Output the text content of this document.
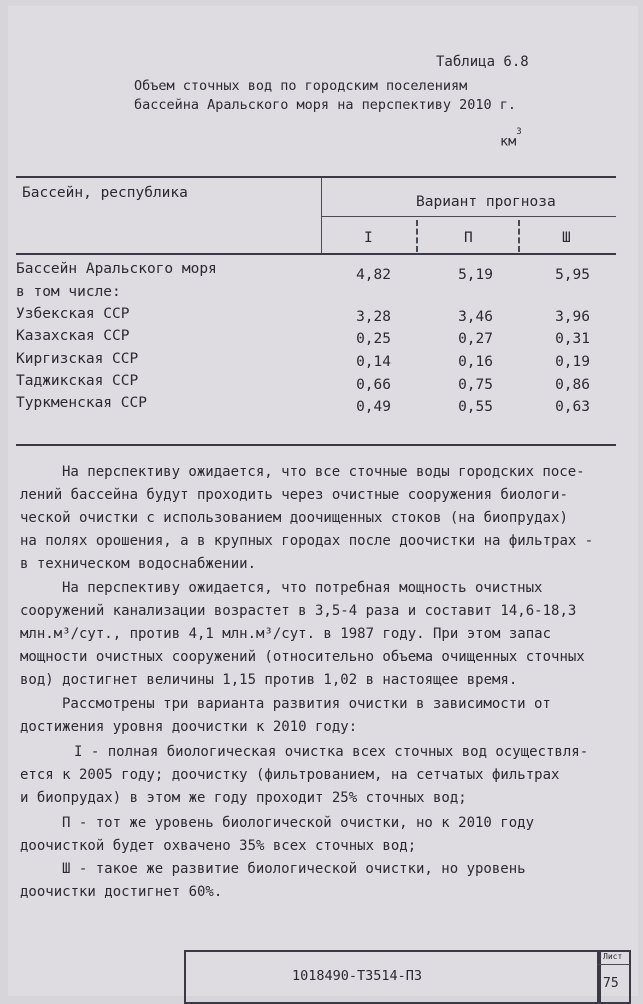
Таблица 6.8
Объем сточных вод по городским поселениям
бассейна Аральского моря на перспективу 2010 г.
$км^3$
Бассейн, республика
Вариант прогноза
I	П	Ш
Бассейн Аральского моря	4,82	5,19	5,95
в том числе:
Узбекская ССР	3,28	3,46	3,96
Казахская ССР	0,25	0,27	0,31
Киргизская ССР	0,14	0,16	0,19
Таджикская ССР	0,66	0,75	0,86
Туркменская ССР	0,49	0,55	0,63
На перспективу ожидается, что все сточные воды городских посе-
лений бассейна будут проходить через очистные сооружения биологи-
ческой очистки с использованием доочищенных стоков (на биопрудах)
на полях орошения, а в крупных городах после доочистки на фильтрах -
в техническом водоснабжении.
На перспективу ожидается, что потребная мощность очистных
сооружений канализации возрастет в 3,5-4 раза и составит 14,6-18,3
млн.м³/сут., против 4,1 млн.м³/сут. в 1987 году. При этом запас
мощности очистных сооружений (относительно объема очищенных сточных
вод) достигнет величины 1,15 против 1,02 в настоящее время.
Рассмотрены три варианта развития очистки в зависимости от
достижения уровня доочистки к 2010 году:
I - полная биологическая очистка всех сточных вод осуществля-
ется к 2005 году; доочистку (фильтрованием, на сетчатых фильтрах
и биопрудах) в этом же году проходит 25% сточных вод;
П - тот же уровень биологической очистки, но к 2010 году
доочисткой будет охвачено 35% всех сточных вод;
Ш - такое же развитие биологической очистки, но уровень
доочистки достигнет 60%.
1018490-Т3514-П3
Лист
75
